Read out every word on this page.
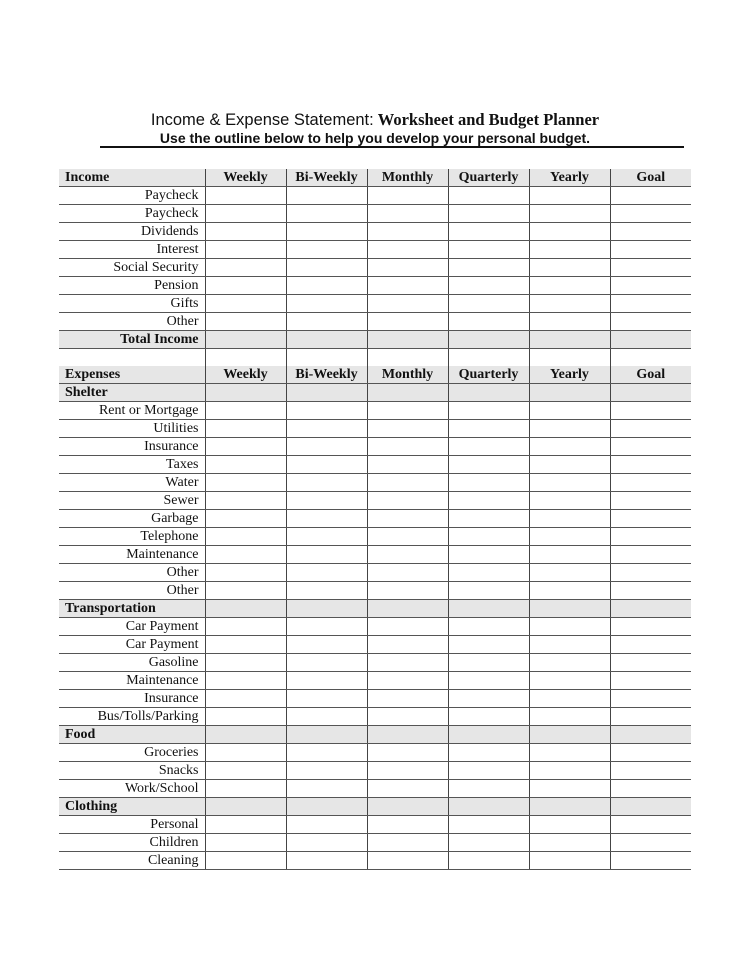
Income & Expense Statement: Worksheet and Budget Planner
Use the outline below to help you develop your personal budget.
Income	Weekly	Bi-Weekly	Monthly	Quarterly	Yearly	Goal
Paycheck						
Paycheck						
Dividends						
Interest						
Social Security						
Pension						
Gifts						
Other						
Total Income						

Expenses	Weekly	Bi-Weekly	Monthly	Quarterly	Yearly	Goal
Shelter						
Rent or Mortgage						
Utilities						
Insurance						
Taxes						
Water						
Sewer						
Garbage						
Telephone						
Maintenance						
Other						
Other						
Transportation						
Car Payment						
Car Payment						
Gasoline						
Maintenance						
Insurance						
Bus/Tolls/Parking						
Food						
Groceries						
Snacks						
Work/School						
Clothing						
Personal						
Children						
Cleaning						
